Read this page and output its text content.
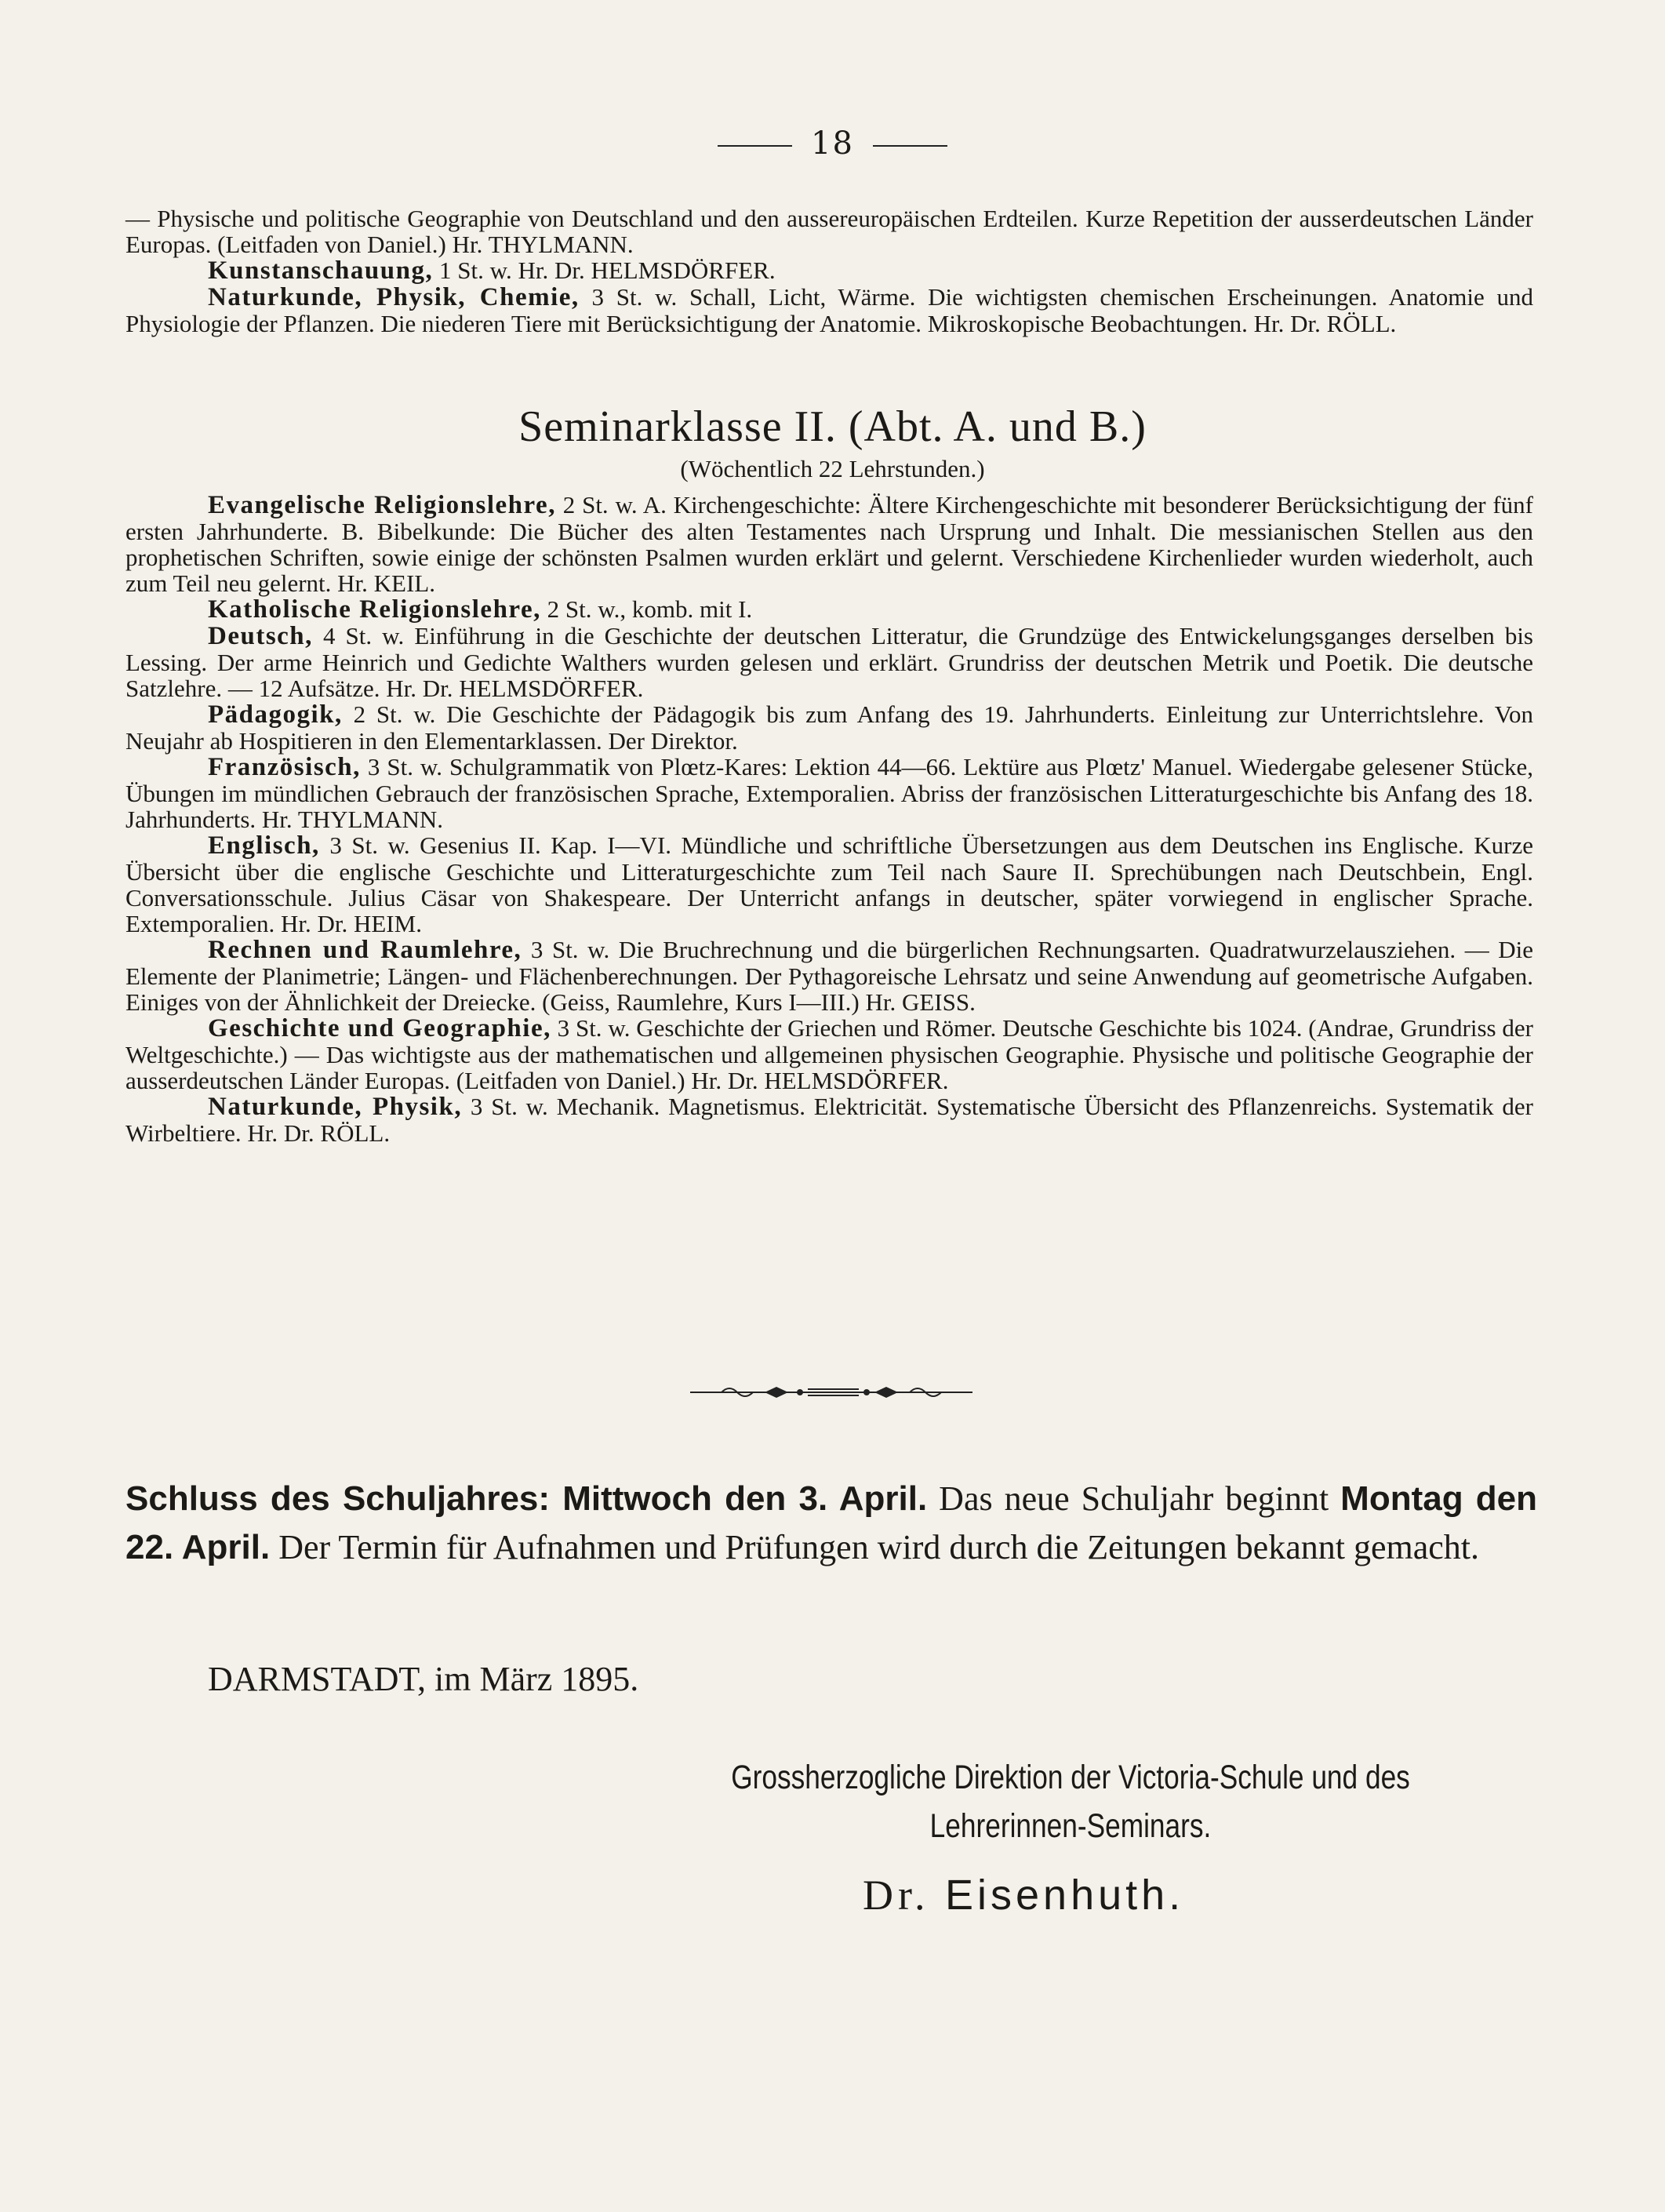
18

— Physische und politische Geographie von Deutschland und den aussereuropäischen Erdteilen. Kurze Repetition der ausserdeutschen Länder Europas. (Leitfaden von Daniel.) Hr. THYLMANN.

Kunstanschauung, 1 St. w. Hr. Dr. HELMSDÖRFER.

Naturkunde, Physik, Chemie, 3 St. w. Schall, Licht, Wärme. Die wichtigsten chemischen Erscheinungen. Anatomie und Physiologie der Pflanzen. Die niederen Tiere mit Berücksichtigung der Anatomie. Mikroskopische Beobachtungen. Hr. Dr. RÖLL.

Seminarklasse II. (Abt. A. und B.)
(Wöchentlich 22 Lehrstunden.)

Evangelische Religionslehre, 2 St. w. A. Kirchengeschichte: Ältere Kirchengeschichte mit besonderer Berücksichtigung der fünf ersten Jahrhunderte. B. Bibelkunde: Die Bücher des alten Testamentes nach Ursprung und Inhalt. Die messianischen Stellen aus den prophetischen Schriften, sowie einige der schönsten Psalmen wurden erklärt und gelernt. Verschiedene Kirchenlieder wurden wiederholt, auch zum Teil neu gelernt. Hr. KEIL.

Katholische Religionslehre, 2 St. w., komb. mit I.

Deutsch, 4 St. w. Einführung in die Geschichte der deutschen Litteratur, die Grundzüge des Entwickelungsganges derselben bis Lessing. Der arme Heinrich und Gedichte Walthers wurden gelesen und erklärt. Grundriss der deutschen Metrik und Poetik. Die deutsche Satzlehre. — 12 Aufsätze. Hr. Dr. HELMSDÖRFER.

Pädagogik, 2 St. w. Die Geschichte der Pädagogik bis zum Anfang des 19. Jahrhunderts. Einleitung zur Unterrichtslehre. Von Neujahr ab Hospitieren in den Elementarklassen. Der Direktor.

Französisch, 3 St. w. Schulgrammatik von Plœtz-Kares: Lektion 44—66. Lektüre aus Plœtz' Manuel. Wiedergabe gelesener Stücke, Übungen im mündlichen Gebrauch der französischen Sprache, Extemporalien. Abriss der französischen Litteraturgeschichte bis Anfang des 18. Jahrhunderts. Hr. THYLMANN.

Englisch, 3 St. w. Gesenius II. Kap. I—VI. Mündliche und schriftliche Übersetzungen aus dem Deutschen ins Englische. Kurze Übersicht über die englische Geschichte und Litteraturgeschichte zum Teil nach Saure II. Sprechübungen nach Deutschbein, Engl. Conversationsschule. Julius Cäsar von Shakespeare. Der Unterricht anfangs in deutscher, später vorwiegend in englischer Sprache. Extemporalien. Hr. Dr. HEIM.

Rechnen und Raumlehre, 3 St. w. Die Bruchrechnung und die bürgerlichen Rechnungsarten. Quadratwurzelausziehen. — Die Elemente der Planimetrie; Längen- und Flächenberechnungen. Der Pythagoreische Lehrsatz und seine Anwendung auf geometrische Aufgaben. Einiges von der Ähnlichkeit der Dreiecke. (Geiss, Raumlehre, Kurs I—III.) Hr. GEISS.

Geschichte und Geographie, 3 St. w. Geschichte der Griechen und Römer. Deutsche Geschichte bis 1024. (Andrae, Grundriss der Weltgeschichte.) — Das wichtigste aus der mathematischen und allgemeinen physischen Geographie. Physische und politische Geographie der ausserdeutschen Länder Europas. (Leitfaden von Daniel.) Hr. Dr. HELMSDÖRFER.

Naturkunde, Physik, 3 St. w. Mechanik. Magnetismus. Elektricität. Systematische Übersicht des Pflanzenreichs. Systematik der Wirbeltiere. Hr. Dr. RÖLL.

Schluss des Schuljahres: Mittwoch den 3. April. Das neue Schuljahr beginnt Montag den 22. April. Der Termin für Aufnahmen und Prüfungen wird durch die Zeitungen bekannt gemacht.
DARMSTADT, im März 1895.
Grossherzogliche Direktion der Victoria-Schule und des
Lehrerinnen-Seminars.
Dr. Eisenhuth.
